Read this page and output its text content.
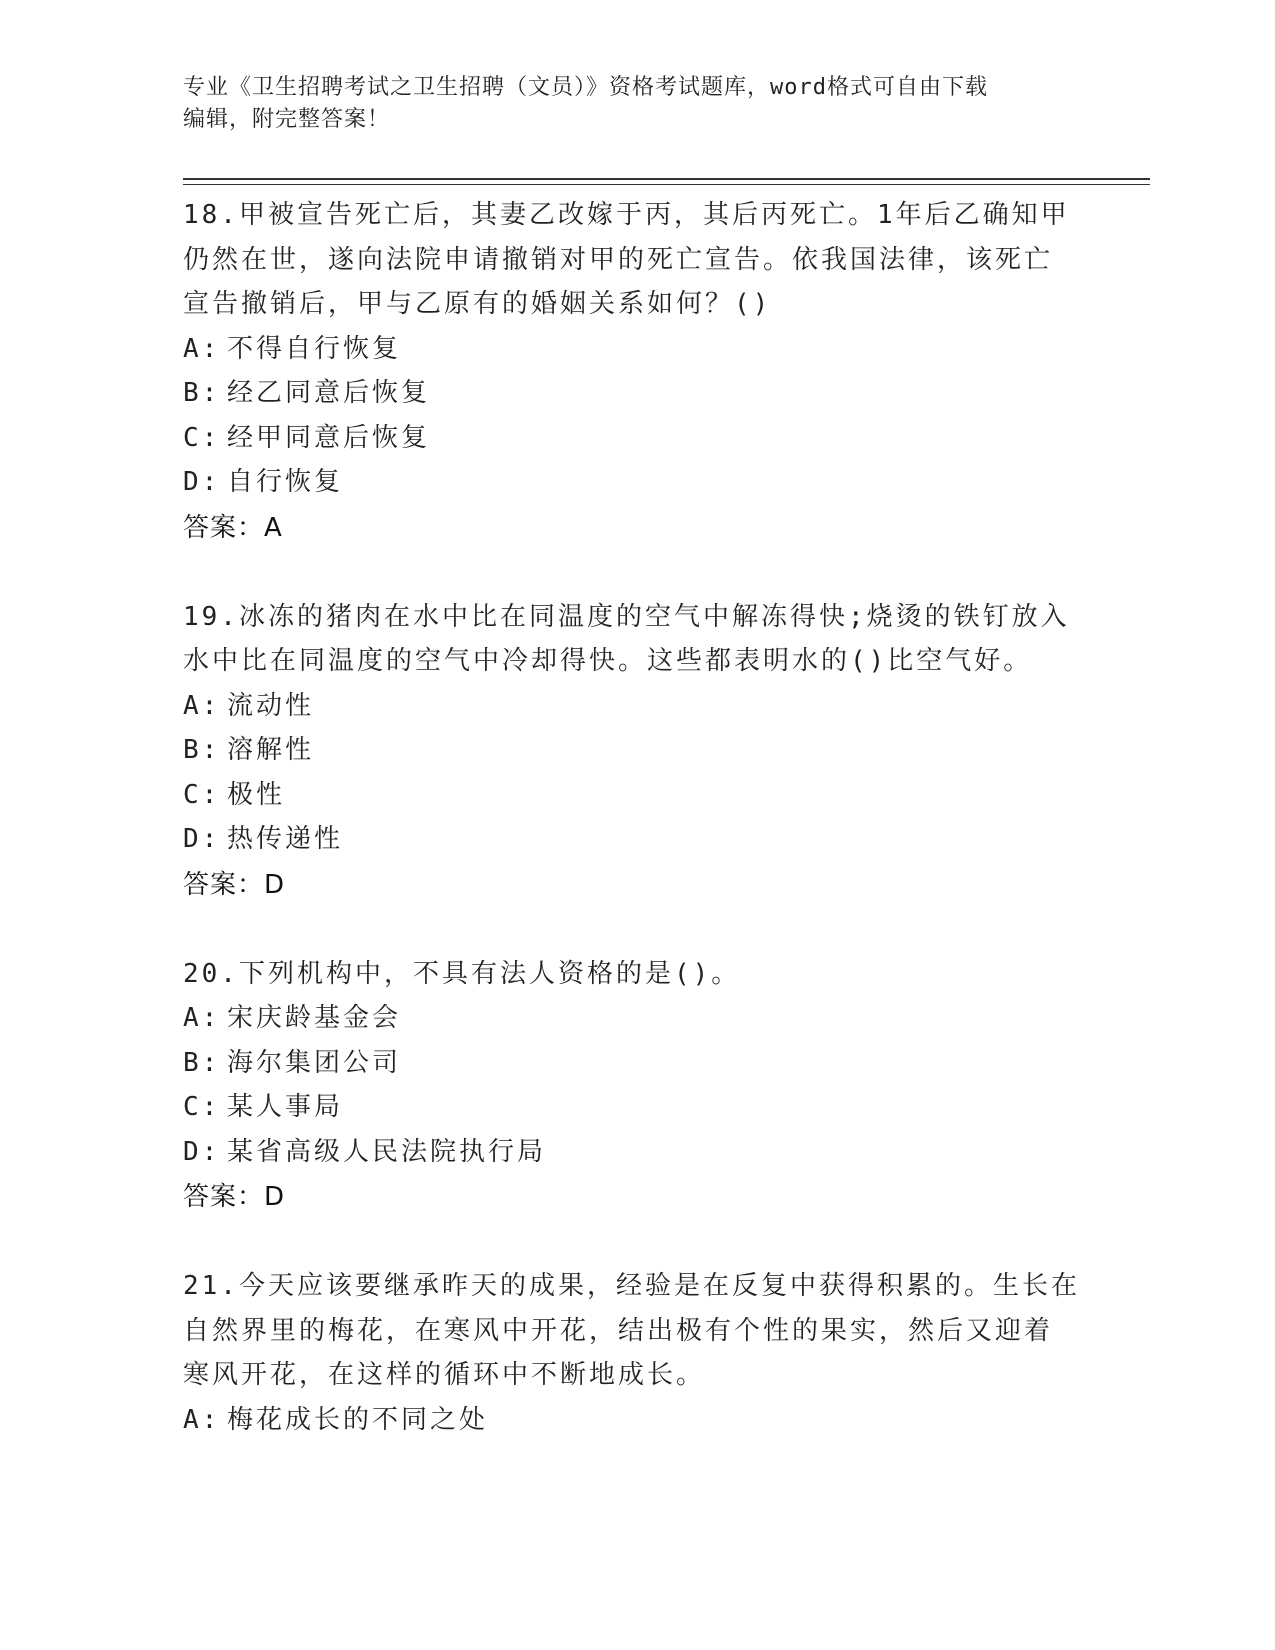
专业《卫生招聘考试之卫生招聘（文员）》资格考试题库，word格式可自由下载
编辑，附完整答案！

18.甲被宣告死亡后，其妻乙改嫁于丙，其后丙死亡。1年后乙确知甲

仍然在世，遂向法院申请撤销对甲的死亡宣告。依我国法律，该死亡

宣告撤销后，甲与乙原有的婚姻关系如何？()

A: 不得自行恢复

B: 经乙同意后恢复

C: 经甲同意后恢复

D: 自行恢复

答案：A

19.冰冻的猪肉在水中比在同温度的空气中解冻得快;烧烫的铁钉放入

水中比在同温度的空气中冷却得快。这些都表明水的()比空气好。

A: 流动性

B: 溶解性

C: 极性

D: 热传递性

答案：D

20.下列机构中，不具有法人资格的是()。

A: 宋庆龄基金会

B: 海尔集团公司

C: 某人事局

D: 某省高级人民法院执行局

答案：D

21.今天应该要继承昨天的成果，经验是在反复中获得积累的。生长在

自然界里的梅花，在寒风中开花，结出极有个性的果实，然后又迎着

寒风开花，在这样的循环中不断地成长。

A: 梅花成长的不同之处
